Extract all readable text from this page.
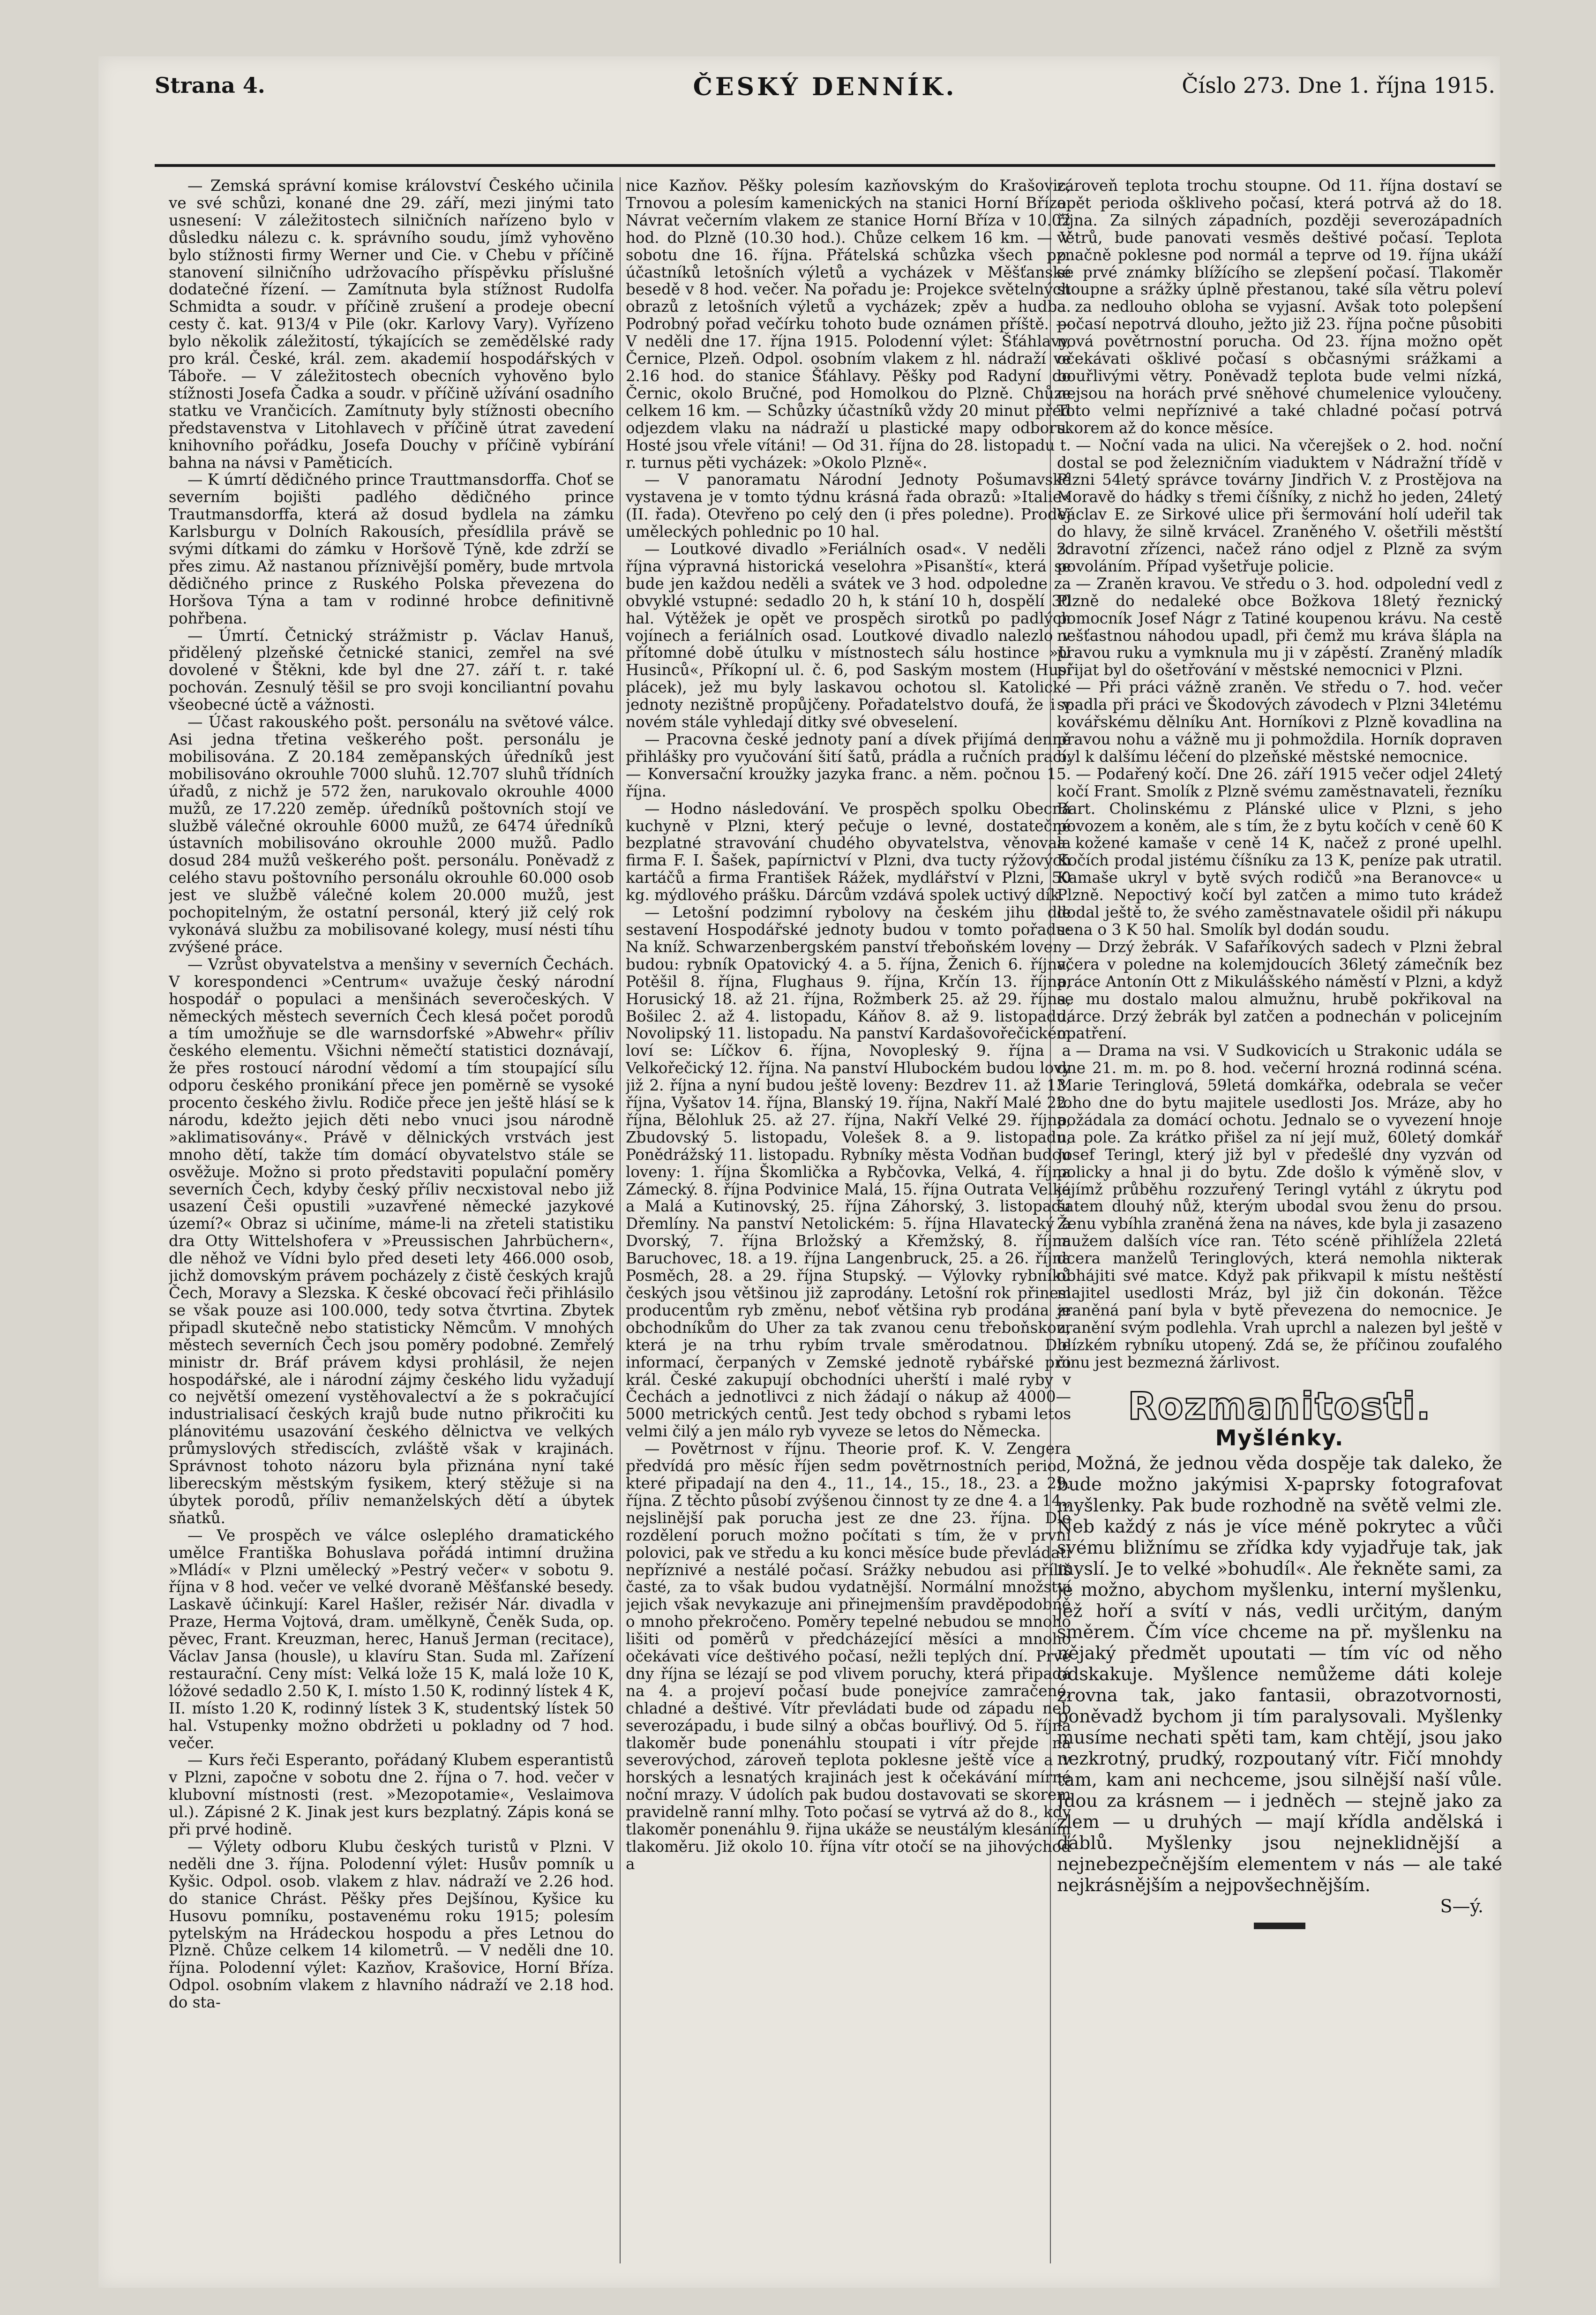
Strana 4.	ČESKÝ DENNÍK.	Číslo 273. Dne 1. října 1915.

— Zemská správní komise království Českého učinila ve své schůzi, konané dne 29. září, mezi jinými tato usnesení: V záležitostech silničních nařízeno bylo v důsledku nálezu c. k. správního soudu, jímž vyhověno bylo stížnosti firmy Werner und Cie. v Chebu v příčině stanovení silničního udržovacího příspěvku příslušné dodatečné řízení. — Zamítnuta byla stížnost Rudolfa Schmidta a soudr. v příčině zrušení a prodeje obecní cesty č. kat. 913/4 v Pile (okr. Karlovy Vary). Vyřízeno bylo několik záležitostí, týkajících se zemědělské rady pro král. České, král. zem. akademií hospodářských v Táboře. — V záležitostech obecních vyhověno bylo stížnosti Josefa Čadka a soudr. v příčině užívání osadního statku ve Vrančicích. Zamítnuty byly stížnosti obecního představenstva v Litohlavech v příčině útrat zavedení knihovního pořádku, Josefa Douchy v příčině vybírání bahna na návsi v Paměticích.

— K úmrtí dědičného prince Trauttmansdorffa. Choť se severním bojišti padlého dědičného prince Trautmansdorffa, která až dosud bydlela na zámku Karlsburgu v Dolních Rakousích, přesídlila právě se svými dítkami do zámku v Horšově Týně, kde zdrží se přes zimu. Až nastanou příznivější poměry, bude mrtvola dědičného prince z Ruského Polska převezena do Horšova Týna a tam v rodinné hrobce definitivně pohřbena.

— Úmrtí. Četnický strážmistr p. Václav Hanuš, přidělený plzeňské četnické stanici, zemřel na své dovolené v Štěkni, kde byl dne 27. září t. r. také pochován. Zesnulý těšil se pro svoji konciliantní povahu všeobecné úctě a vážnosti.

— Účast rakouského pošt. personálu na světové válce. Asi jedna třetina veškerého pošt. personálu je mobilisována. Z 20.184 zeměpanských úředníků jest mobilisováno okrouhle 7000 sluhů. 12.707 sluhů třídních úřadů, z nichž je 572 žen, narukovalo okrouhle 4000 mužů, ze 17.220 zeměp. úředníků poštovních stojí ve službě válečné okrouhle 6000 mužů, ze 6474 úředníků ústavních mobilisováno okrouhle 2000 mužů. Padlo dosud 284 mužů veškerého pošt. personálu. Poněvadž z celého stavu poštovního personálu okrouhle 60.000 osob jest ve službě válečné kolem 20.000 mužů, jest pochopitelným, že ostatní personál, který již celý rok vykonává službu za mobilisované kolegy, musí nésti tíhu zvýšené práce.

— Vzrůst obyvatelstva a menšiny v severních Čechách. V korespondenci »Centrum« uvažuje český národní hospodář o populaci a menšinách severočeských. V německých městech severních Čech klesá počet porodů a tím umožňuje se dle warnsdorfské »Abwehr« příliv českého elementu. Všichni němečtí statistici doznávají, že přes rostoucí národní vědomí a tím stoupající sílu odporu českého pronikání přece jen poměrně se vysoké procento českého živlu. Rodiče přece jen ještě hlásí se k národu, kdežto jejich děti nebo vnuci jsou národně »aklimatisovány«. Právě v dělnických vrstvách jest mnoho dětí, takže tím domácí obyvatelstvo stále se osvěžuje. Možno si proto představiti populační poměry severních Čech, kdyby český příliv necxistoval nebo již usazení Češi opustili »uzavřené německé jazykové území?« Obraz si učiníme, máme-li na zřeteli statistiku dra Otty Wittelshofera v »Preussischen Jahrbüchern«, dle něhož ve Vídni bylo před deseti lety 466.000 osob, jichž domovským právem pocházely z čistě českých krajů Čech, Moravy a Slezska. K české obcovací řeči přihlásilo se však pouze asi 100.000, tedy sotva čtvrtina. Zbytek připadl skutečně nebo statisticky Němcům. V mnohých městech severních Čech jsou poměry podobné. Zemřelý ministr dr. Bráf právem kdysi prohlásil, že nejen hospodářské, ale i národní zájmy českého lidu vyžadují co největší omezení vystěhovalectví a že s pokračující industrialisací českých krajů bude nutno přikročiti ku plánovitému usazování českého dělnictva ve velkých průmyslových střediscích, zvláště však v krajinách. Správnost tohoto názoru byla přiznána nyní také liberecským městským fysikem, který stěžuje si na úbytek porodů, příliv nemanželských dětí a úbytek sňatků.

— Ve prospěch ve válce osleplého dramatického umělce Františka Bohuslava pořádá intimní družina »Mládí« v Plzni umělecký »Pestrý večer« v sobotu 9. října v 8 hod. večer ve velké dvoraně Měšťanské besedy. Laskavě účinkují: Karel Hašler, režisér Nár. divadla v Praze, Herma Vojtová, dram. umělkyně, Čeněk Suda, op. pěvec, Frant. Kreuzman, herec, Hanuš Jerman (recitace), Václav Jansa (housle), u klavíru Stan. Suda ml. Zařízení restaurační. Ceny míst: Velká lože 15 K, malá lože 10 K, lóžové sedadlo 2.50 K, I. místo 1.50 K, rodinný lístek 4 K, II. místo 1.20 K, rodinný lístek 3 K, studentský lístek 50 hal. Vstupenky možno obdržeti u pokladny od 7 hod. večer.

— Kurs řeči Esperanto, pořádaný Klubem esperantistů v Plzni, započne v sobotu dne 2. října o 7. hod. večer v klubovní místnosti (rest. »Mezopotamie«, Veslaimova ul.). Zápisné 2 K. Jinak jest kurs bezplatný. Zápis koná se při prvé hodině.

— Výlety odboru Klubu českých turistů v Plzni. V neděli dne 3. října. Polodenní výlet: Husův pomník u Kyšic. Odpol. osob. vlakem z hlav. nádraží ve 2.26 hod. do stanice Chrást. Pěšky přes Dejšínou, Kyšice ku Husovu pomníku, postavenému roku 1915; polesím pytelským na Hrádeckou hospodu a přes Letnou do Plzně. Chůze celkem 14 kilometrů. — V neděli dne 10. října. Polodenní výlet: Kazňov, Krašovice, Horní Bříza. Odpol. osobním vlakem z hlavního nádraží ve 2.18 hod. do sta-

nice Kazňov. Pěšky polesím kazňovským do Krašovic, Trnovou a polesím kamenických na stanici Horní Bříza. Návrat večerním vlakem ze stanice Horní Bříza v 10.02 hod. do Plzně (10.30 hod.). Chůze celkem 16 km. — V sobotu dne 16. října. Přátelská schůzka všech pp. účastníků letošních výletů a vycházek v Měšťanské besedě v 8 hod. večer. Na pořadu je: Projekce světelných obrazů z letošních výletů a vycházek; zpěv a hudba. Podrobný pořad večírku tohoto bude oznámen příště. — V neděli dne 17. října 1915. Polodenní výlet: Šťáhlavy, Černice, Plzeň. Odpol. osobním vlakem z hl. nádraží ve 2.16 hod. do stanice Šťáhlavy. Pěšky pod Radyní do Černic, okolo Bručné, pod Homolkou do Plzně. Chůze celkem 16 km. — Schůzky účastníků vždy 20 minut před odjezdem vlaku na nádraží u plastické mapy odboru. Hosté jsou vřele vítáni! — Od 31. října do 28. listopadu t. r. turnus pěti vycházek: »Okolo Plzně«.

— V panoramatu Národní Jednoty Pošumavské vystavena je v tomto týdnu krásná řada obrazů: »Italie« (II. řada). Otevřeno po celý den (i přes poledne). Prodej uměleckých pohlednic po 10 hal.

— Loutkové divadlo »Feriálních osad«. V neděli 3. října výpravná historická veselohra »Pisanští«, která se bude jen každou neděli a svátek ve 3 hod. odpoledne za obvyklé vstupné: sedadlo 20 h, k stání 10 h, dospělí 30 hal. Výtěžek je opět ve prospěch sirotků po padlých vojínech a feriálních osad. Loutkové divadlo nalezlo v přítomné době útulku v místnostech sálu hostince »U Husinců«, Příkopní ul. č. 6, pod Saským mostem (Husí plácek), jež mu byly laskavou ochotou sl. Katolické jednoty nezištně propůjčeny. Pořadatelstvo doufá, že i v novém stále vyhledají ditky své obveselení.

— Pracovna české jednoty paní a dívek přijímá denně přihlášky pro vyučování šití šatů, prádla a ručních prací. — Konversační kroužky jazyka franc. a něm. počnou 15. října.

— Hodno následování. Ve prospěch spolku Obecná kuchyně v Plzni, který pečuje o levné, dostatečné bezplatné stravování chudého obyvatelstva, věnovala firma F. I. Šašek, papírnictví v Plzni, dva tucty rýžových kartáčů a firma František Rážek, mydlářství v Plzni, 50 kg. mýdlového prášku. Dárcům vzdává spolek uctivý dík.

— Letošní podzimní rybolovy na českém jihu dle sestavení Hospodářské jednoty budou v tomto pořadu: Na kníž. Schwarzenbergském panství třeboňském loveny budou: rybník Opatovický 4. a 5. října, Ženich 6. října, Potěšil 8. října, Flughaus 9. října, Krčín 13. října, Horusický 18. až 21. října, Rožmberk 25. až 29. října, Bošilec 2. až 4. listopadu, Káňov 8. až 9. listopadu, Novolipský 11. listopadu. Na panství Kardašovořečickém loví se: Líčkov 6. října, Novopleský 9. října a Velkořečický 12. října. Na panství Hlubockém budou lovy již 2. října a nyní budou ještě loveny: Bezdrev 11. až 13. října, Vyšatov 14. října, Blanský 19. října, Nakří Malé 22. října, Bělohluk 25. až 27. října, Nakří Velké 29. října, Zbudovský 5. listopadu, Volešek 8. a 9. listopadu, Ponědrážský 11. listopadu. Rybníky města Vodňan budou loveny: 1. října Škomlička a Rybčovka, Velká, 4. října Zámecký. 8. října Podvinice Malá, 15. října Outrata Velká a Malá a Kutinovský, 25. října Záhorský, 3. listopadu Dřemlíny. Na panství Netolickém: 5. října Hlavatecký a Dvorský, 7. října Brložský a Křemžský, 8. října Baruchovec, 18. a 19. října Langenbruck, 25. a 26. října Posměch, 28. a 29. října Stupský. — Výlovky rybníků českých jsou většinou již zaprodány. Letošní rok přinesl producentům ryb změnu, neboť většina ryb prodána je obchodníkům do Uher za tak zvanou cenu třeboňskou, která je na trhu rybím trvale směrodatnou. Dle informací, čerpaných v Zemské jednotě rybářské pro král. České zakupují obchodníci uherští i malé ryby v Čechách a jednotlivci z nich žádají o nákup až 4000—5000 metrických centů. Jest tedy obchod s rybami letos velmi čilý a jen málo ryb vyveze se letos do Německa.

— Povětrnost v říjnu. Theorie prof. K. V. Zengera předvídá pro měsíc říjen sedm povětrnostních period, které připadají na den 4., 11., 14., 15., 18., 23. a 29. října. Z těchto působí zvýšenou činnost ty ze dne 4. a 14., nejslinější pak porucha jest ze dne 23. října. Dle rozdělení poruch možno počítati s tím, že v první polovici, pak ve středu a ku konci měsíce bude převládati nepříznivé a nestálé počasí. Srážky nebudou asi příliš časté, za to však budou vydatnější. Normální množství jejich však nevykazuje ani přinejmenším pravděpodobně o mnoho překročeno. Poměry tepelné nebudou se mnoho lišiti od poměrů v předcházející měsíci a mnoho očekávati více deštivého počasí, nežli teplých dní. Prvé dny října se lézají se pod vlivem poruchy, která připadá na 4. a projeví počasí bude ponejvíce zamračené, chladné a deštivé. Vítr převládati bude od západu neb severozápadu, i bude silný a občas bouřlivý. Od 5. října tlakoměr bude ponenáhlu stoupati i vítr přejde na severovýchod, zároveň teplota poklesne ještě více a v horských a lesnatých krajinách jest k očekávání mírné noční mrazy. V údolích pak budou dostavovati se skorem pravidelně ranní mlhy. Toto počasí se vytrvá až do 8., kdy tlakoměr ponenáhlu 9. řijna ukáže se neustálým klesáním tlakoměru. Již okolo 10. října vítr otočí se na jihovýchod a

zároveň teplota trochu stoupne. Od 11. října dostaví se opět perioda oškliveho počasí, která potrvá až do 18. října. Za silných západních, později severozápadních větrů, bude panovati vesměs deštivé počasí. Teplota značně poklesne pod normál a teprve od 19. října ukáží se prvé známky blížícího se zlepšení počasí. Tlakoměr stoupne a srážky úplně přestanou, také síla větru poleví a za nedlouho obloha se vyjasní. Avšak toto polepšení počasí nepotrvá dlouho, ježto již 23. října počne působiti nová povětrnostní porucha. Od 23. října možno opět očekávati ošklivé počasí s občasnými srážkami a bouřlivými větry. Poněvadž teplota bude velmi nízká, nejsou na horách prvé sněhové chumelenice vyloučeny. Toto velmi nepříznivé a také chladné počasí potrvá skorem až do konce měsíce.

— Noční vada na ulici. Na včerejšek o 2. hod. noční dostal se pod železničním viaduktem v Nádražní třídě v Plzni 54letý správce továrny Jindřich V. z Prostějova na Moravě do hádky s třemi číšníky, z nichž ho jeden, 24letý Václav E. ze Sirkové ulice při šermování holí udeřil tak do hlavy, že silně krvácel. Zraněného V. ošetřili městští zdravotní zřízenci, načež ráno odjel z Plzně za svým povoláním. Případ vyšetřuje policie.

— Zraněn kravou. Ve středu o 3. hod. odpolední vedl z Plzně do nedaleké obce Božkova 18letý řeznický pomocník Josef Nágr z Tatiné koupenou krávu. Na cestě nešťastnou náhodou upadl, při čemž mu kráva šlápla na pravou ruku a vymknula mu ji v zápěstí. Zraněný mladík přijat byl do ošetřování v městské nemocnici v Plzni.

— Při práci vážně zraněn. Ve středu o 7. hod. večer spadla při práci ve Škodových závodech v Plzni 34letému kovářskému dělníku Ant. Horníkovi z Plzně kovadlina na pravou nohu a vážně mu ji pohmoždila. Horník dopraven byl k dalšímu léčení do plzeňské městské nemocnice.

— Podařený kočí. Dne 26. září 1915 večer odjel 24letý kočí Frant. Smolík z Plzně svému zaměstnavateli, řezníku Bart. Cholinskému z Plánské ulice v Plzni, s jeho povozem a koněm, ale s tím, že z bytu kočích v ceně 60 K a kožené kamaše v ceně 14 K, načež z proné upelhl. Kočích prodal jistému číšníku za 13 K, peníze pak utratil. Kamaše ukryl v bytě svých rodičů »na Beranovce« u Plzně. Nepoctivý kočí byl zatčen a mimo tuto krádež dodal ještě to, že svého zaměstnavatele ošidil při nákupu sena o 3 K 50 hal. Smolík byl dodán soudu.

— Drzý žebrák. V Safaříkových sadech v Plzni žebral včera v poledne na kolemjdoucích 36letý zámečník bez práce Antonín Ott z Mikulášského náměstí v Plzni, a když se mu dostalo malou almužnu, hrubě pokřikoval na dárce. Drzý žebrák byl zatčen a podnechán v policejním opatření.

— Drama na vsi. V Sudkovicích u Strakonic udála se dne 21. m. m. po 8. hod. večerní hrozná rodinná scéna. Marie Teringlová, 59letá domkářka, odebrala se večer toho dne do bytu majitele usedlosti Jos. Mráze, aby ho požádala za domácí ochotu. Jednalo se o vyvezení hnoje na pole. Za krátko přišel za ní její muž, 60letý domkář Josef Teringl, který již byl v předešlé dny vyzván od policky a hnal ji do bytu. Zde došlo k výměně slov, v jejímž průběhu rozzuřený Teringl vytáhl z úkrytu pod šatem dlouhý nůž, kterým ubodal svou ženu do prsou. Ženu vybíhla zraněná žena na náves, kde byla ji zasazeno mužem dalších více ran. Této scéně přihlížela 22letá dcera manželů Teringlových, která nemohla nikterak obhájiti své matce. Když pak přikvapil k místu neštěstí majitel usedlosti Mráz, byl již čin dokonán. Těžce zraněná paní byla v bytě převezena do nemocnice. Je zranění svým podlehla. Vrah uprchl a nalezen byl ještě v blízkém rybníku utopený. Zdá se, že příčinou zoufalého činu jest bezmezná žárlivost.

Rozmanitosti.
Myšlénky.

Možná, že jednou věda dospěje tak daleko, že bude možno jakýmisi X-paprsky fotografovat myšlenky. Pak bude rozhodně na světě velmi zle. Neb každý z nás je více méně pokrytec a vůči svému bližnímu se zřídka kdy vyjadřuje tak, jak myslí. Je to velké »bohudíl«. Ale řekněte sami, za je možno, abychom myšlenku, interní myšlenku, jež hoří a svítí v nás, vedli určitým, daným směrem. Čím více chceme na př. myšlenku na nějaký předmět upoutati — tím víc od něho odskakuje. Myšlence nemůžeme dáti koleje zrovna tak, jako fantasii, obrazotvornosti, poněvadž bychom ji tím paralysovali. Myšlenky musíme nechati spěti tam, kam chtějí, jsou jako nezkrotný, prudký, rozpoutaný vítr. Fičí mnohdy tam, kam ani nechceme, jsou silnější naší vůle. Jdou za krásnem — i jedněch — stejně jako za zlem — u druhých — mají křídla andělská i ďáblů. Myšlenky jsou nejneklidnější a nejnebezpečnějším elementem v nás — ale také nejkrásnějším a nejpovšechnějším.

S—ý.
